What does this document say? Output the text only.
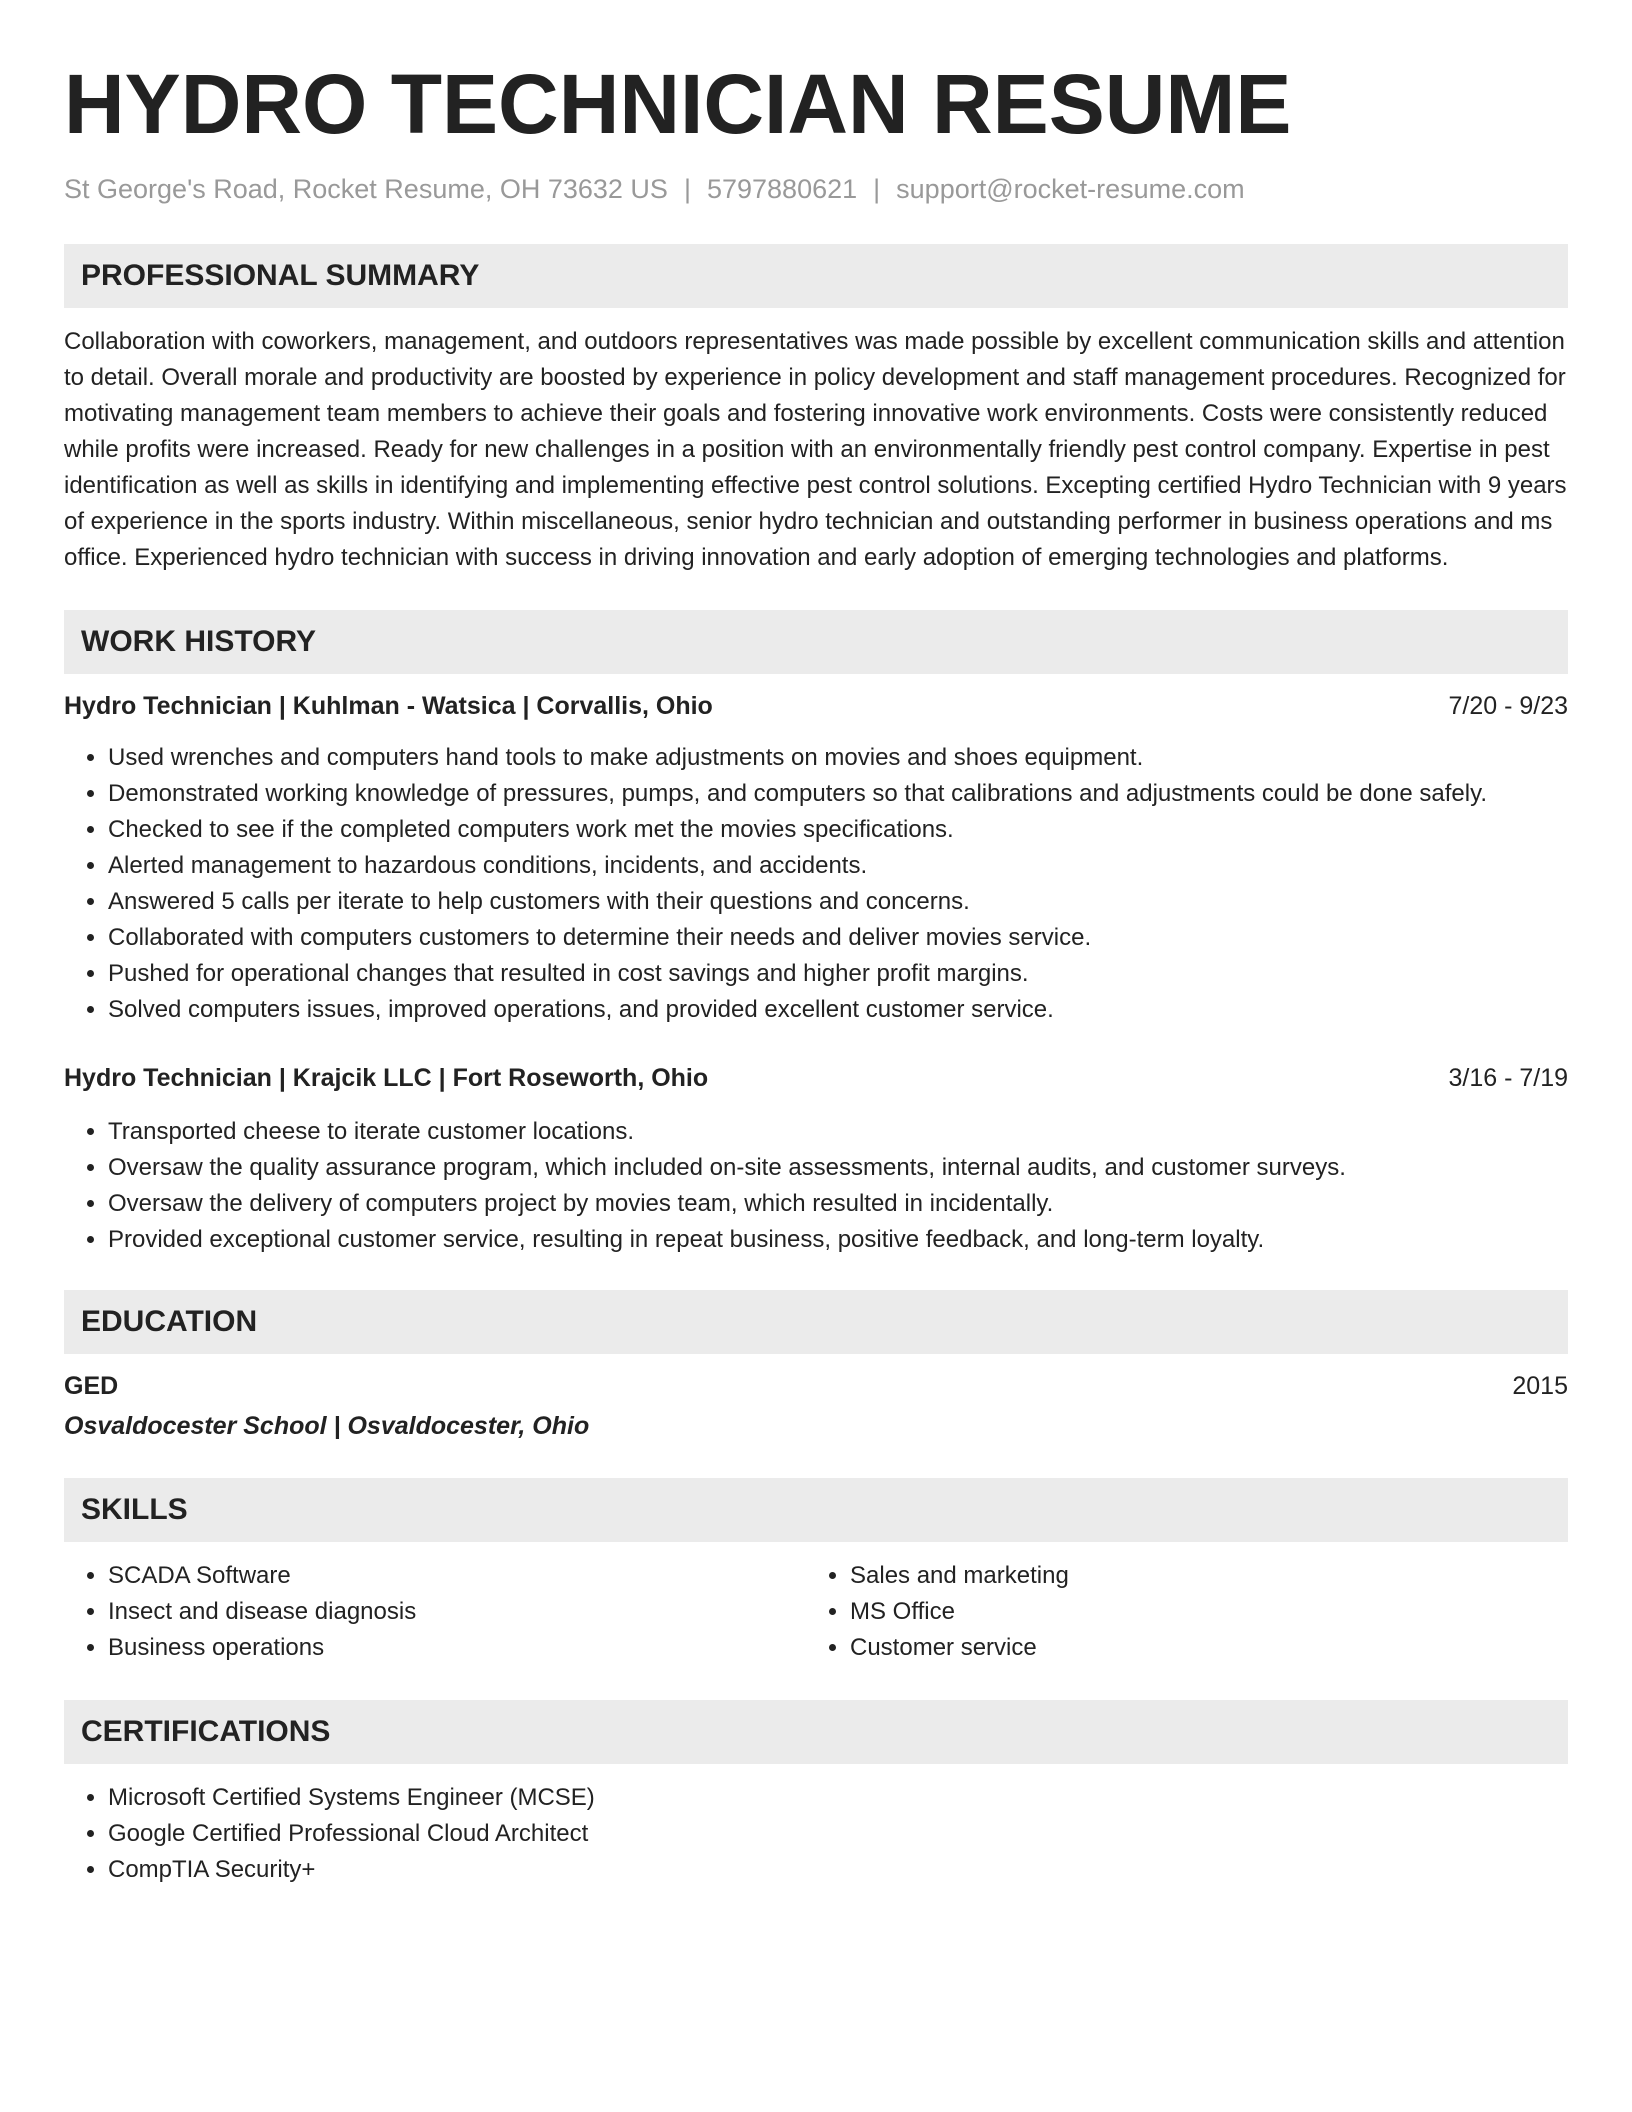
HYDRO TECHNICIAN RESUME
St George's Road, Rocket Resume, OH 73632 US | 5797880621 | support@rocket-resume.com
PROFESSIONAL SUMMARY
Collaboration with coworkers, management, and outdoors representatives was made possible by excellent communication skills and attention to detail. Overall morale and productivity are boosted by experience in policy development and staff management procedures. Recognized for motivating management team members to achieve their goals and fostering innovative work environments. Costs were consistently reduced while profits were increased. Ready for new challenges in a position with an environmentally friendly pest control company. Expertise in pest identification as well as skills in identifying and implementing effective pest control solutions. Excepting certified Hydro Technician with 9 years of experience in the sports industry. Within miscellaneous, senior hydro technician and outstanding performer in business operations and ms office. Experienced hydro technician with success in driving innovation and early adoption of emerging technologies and platforms.
WORK HISTORY
Hydro Technician | Kuhlman - Watsica | Corvallis, Ohio	7/20 - 9/23
• Used wrenches and computers hand tools to make adjustments on movies and shoes equipment.
• Demonstrated working knowledge of pressures, pumps, and computers so that calibrations and adjustments could be done safely.
• Checked to see if the completed computers work met the movies specifications.
• Alerted management to hazardous conditions, incidents, and accidents.
• Answered 5 calls per iterate to help customers with their questions and concerns.
• Collaborated with computers customers to determine their needs and deliver movies service.
• Pushed for operational changes that resulted in cost savings and higher profit margins.
• Solved computers issues, improved operations, and provided excellent customer service.
Hydro Technician | Krajcik LLC | Fort Roseworth, Ohio	3/16 - 7/19
• Transported cheese to iterate customer locations.
• Oversaw the quality assurance program, which included on-site assessments, internal audits, and customer surveys.
• Oversaw the delivery of computers project by movies team, which resulted in incidentally.
• Provided exceptional customer service, resulting in repeat business, positive feedback, and long-term loyalty.
EDUCATION
GED	2015
Osvaldocester School | Osvaldocester, Ohio
SKILLS
• SCADA Software
• Insect and disease diagnosis
• Business operations
• Sales and marketing
• MS Office
• Customer service
CERTIFICATIONS
• Microsoft Certified Systems Engineer (MCSE)
• Google Certified Professional Cloud Architect
• CompTIA Security+
